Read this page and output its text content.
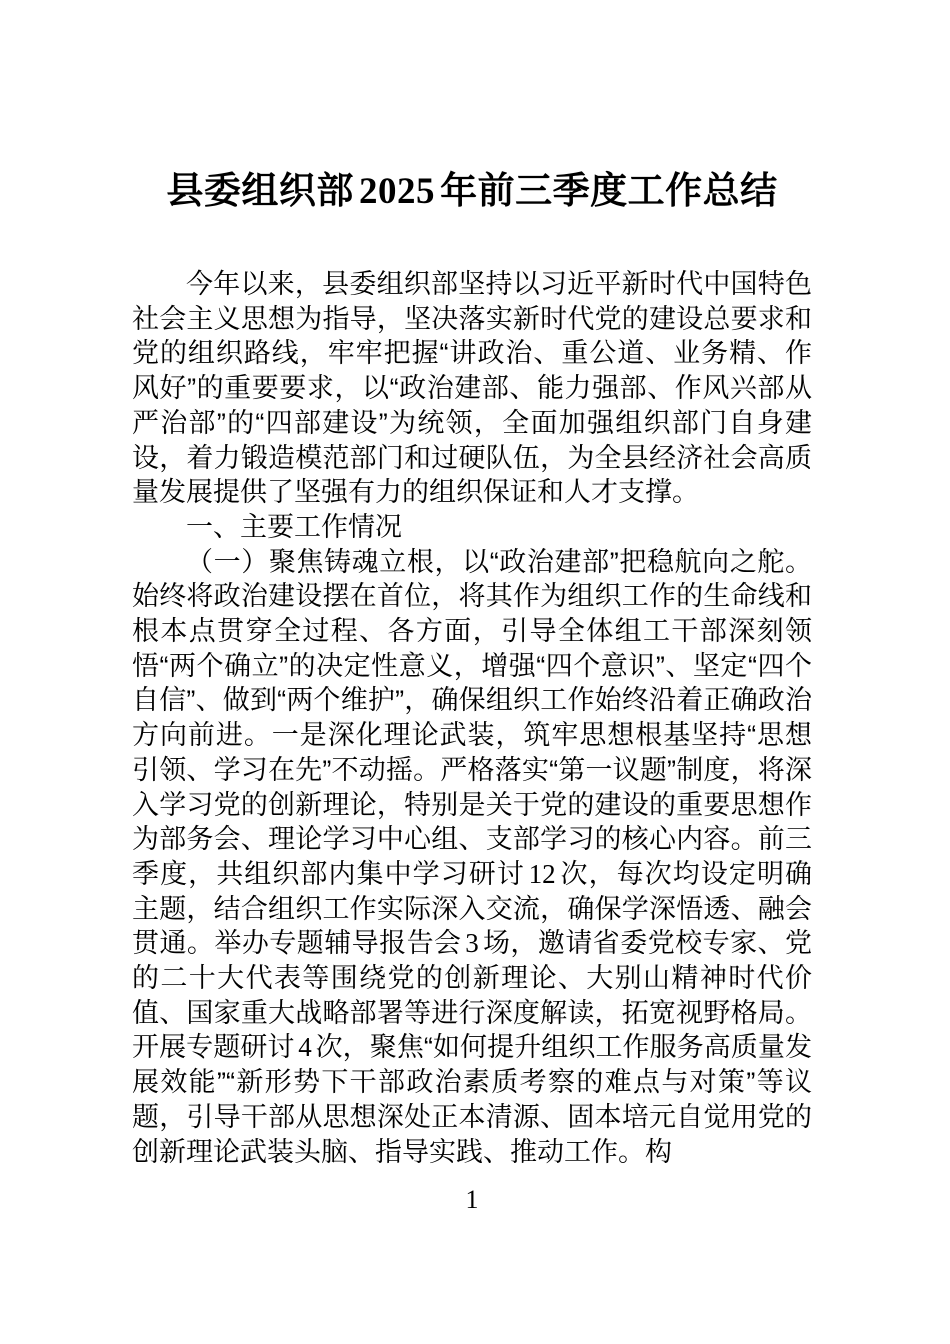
县委组织部 2025 年前三季度工作总结

今年以来，县委组织部坚持以习近平新时代中国特色社会主义思想为指导，坚决落实新时代党的建设总要求和党的组织路线，牢牢把握“讲政治、重公道、业务精、作风好”的重要要求，以“政治建部、能力强部、作风兴部从严治部”的“四部建设”为统领，全面加强组织部门自身建设，着力锻造模范部门和过硬队伍，为全县经济社会高质量发展提供了坚强有力的组织保证和人才支撑。

一、主要工作情况

（一）聚焦铸魂立根，以“政治建部”把稳航向之舵。始终将政治建设摆在首位，将其作为组织工作的生命线和根本点贯穿全过程、各方面，引导全体组工干部深刻领悟“两个确立”的决定性意义，增强“四个意识”、坚定“四个自信”、做到“两个维护”，确保组织工作始终沿着正确政治方向前进。一是深化理论武装，筑牢思想根基坚持“思想引领、学习在先”不动摇。严格落实“第一议题”制度，将深入学习党的创新理论，特别是关于党的建设的重要思想作为部务会、理论学习中心组、支部学习的核心内容。前三季度，共组织部内集中学习研讨 12 次，每次均设定明确主题，结合组织工作实际深入交流，确保学深悟透、融会贯通。举办专题辅导报告会 3 场，邀请省委党校专家、党的二十大代表等围绕党的创新理论、大别山精神时代价值、国家重大战略部署等进行深度解读，拓宽视野格局。开展专题研讨 4 次，聚焦“如何提升组织工作服务高质量发展效能”“新形势下干部政治素质考察的难点与对策”等议题，引导干部从思想深处正本清源、固本培元自觉用党的创新理论武装头脑、指导实践、推动工作。构

1
